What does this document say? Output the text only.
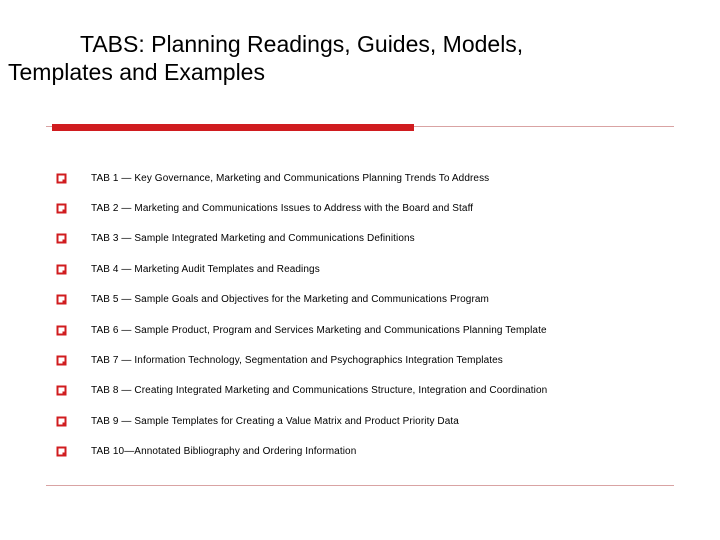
TABS: Planning Readings, Guides, Models,
Templates and Examples
TAB 1 — Key Governance, Marketing and Communications Planning Trends To Address
TAB 2 — Marketing and Communications Issues to Address with the Board and Staff
TAB 3 — Sample Integrated Marketing and Communications Definitions
TAB 4 — Marketing Audit Templates and Readings
TAB 5 — Sample Goals and Objectives for the Marketing and Communications Program
TAB 6 — Sample Product, Program and Services Marketing and Communications Planning Template
TAB 7 — Information Technology, Segmentation and Psychographics Integration Templates
TAB 8 — Creating Integrated Marketing and Communications Structure, Integration and Coordination
TAB 9 — Sample Templates for Creating a Value Matrix and Product Priority Data
TAB 10—Annotated Bibliography and Ordering Information
